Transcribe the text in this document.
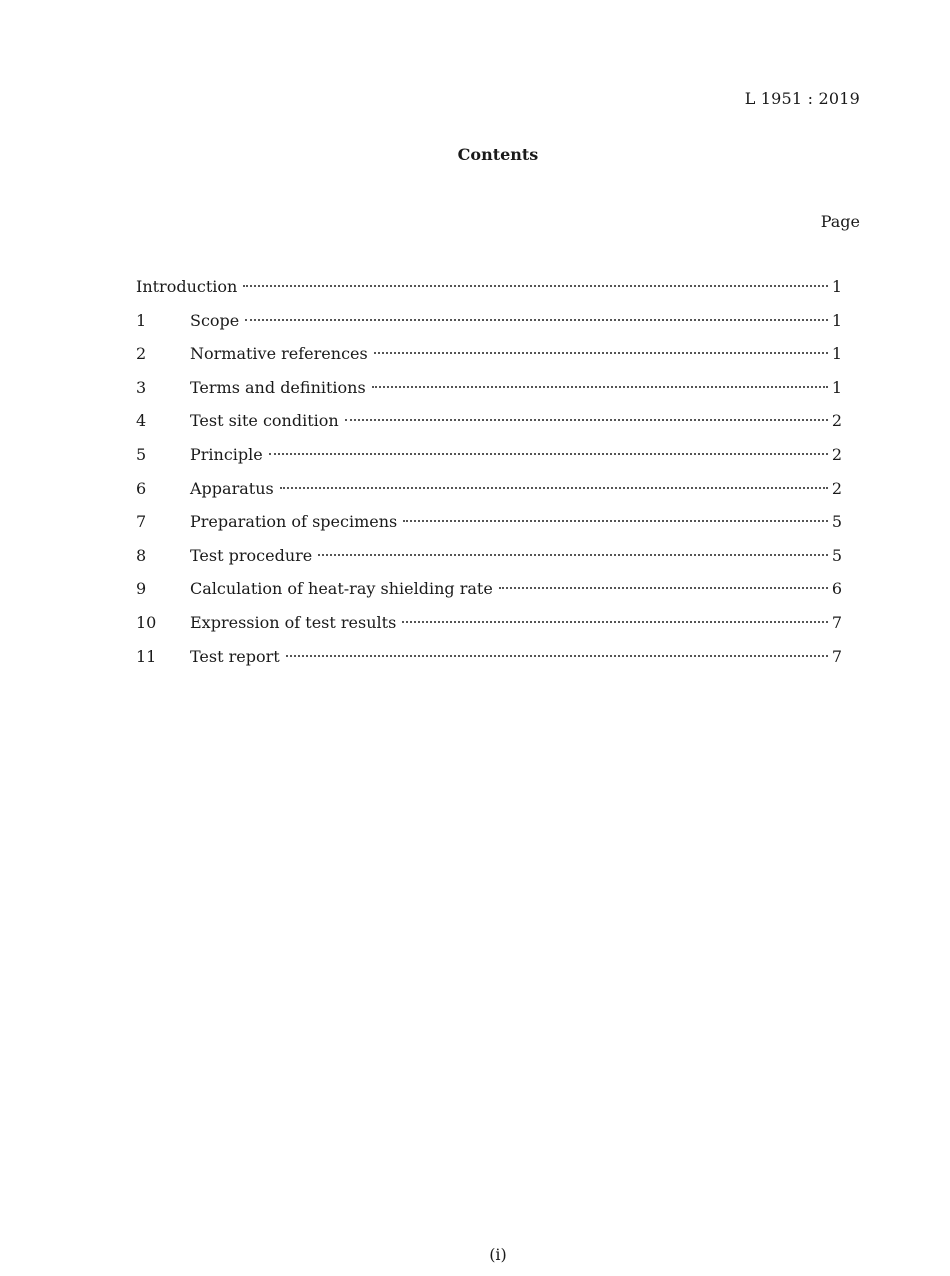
L 1951 : 2019
Contents
Page
Introduction	1
1	Scope	1
2	Normative references	1
3	Terms and definitions	1
4	Test site condition	2
5	Principle	2
6	Apparatus	2
7	Preparation of specimens	5
8	Test procedure	5
9	Calculation of heat-ray shielding rate	6
10	Expression of test results	7
11	Test report	7
(i)
